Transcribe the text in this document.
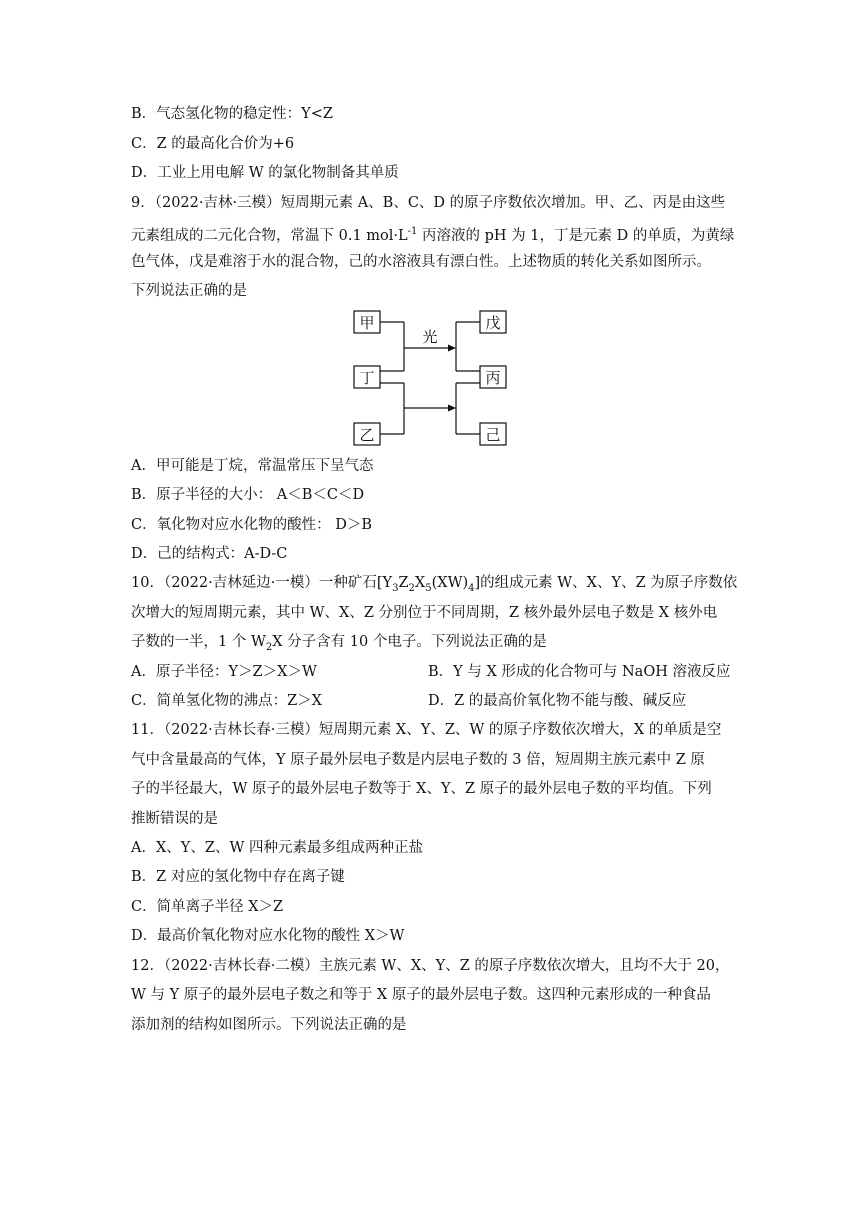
B．气态氢化物的稳定性：Y<Z
C．Z 的最高化合价为+6
D．工业上用电解 W 的氯化物制备其单质
9．（2022·吉林·三模）短周期元素 A、B、C、D 的原子序数依次增加。甲、乙、丙是由这些
元素组成的二元化合物，常温下 0.1 $mol\cdot L^{-1}$ 丙溶液的 pH 为 1，丁是元素 D 的单质，为黄绿
色气体，戊是难溶于水的混合物，己的水溶液具有漂白性。上述物质的转化关系如图所示。
下列说法正确的是
甲
丁
乙
戊
丙
己
光
A．甲可能是丁烷，常温常压下呈气态
B．原子半径的大小： A＜B＜C＜D
C．氧化物对应水化物的酸性： D＞B
D．己的结构式：A-D-C
10．（2022·吉林延边·一模）一种矿石$[Y_3Z_2X_5(XW)_4]$的组成元素 W、X、Y、Z 为原子序数依
次增大的短周期元素，其中 W、X、Z 分别位于不同周期，Z 核外最外层电子数是 X 核外电
子数的一半，1 个 $W_2X$ 分子含有 10 个电子。下列说法正确的是
A．原子半径：Y＞Z＞X＞W	B．Y 与 X 形成的化合物可与 NaOH 溶液反应
C．简单氢化物的沸点：Z＞X	D．Z 的最高价氧化物不能与酸、碱反应
11．（2022·吉林长春·三模）短周期元素 X、Y、Z、W 的原子序数依次增大，X 的单质是空
气中含量最高的气体，Y 原子最外层电子数是内层电子数的 3 倍，短周期主族元素中 Z 原
子的半径最大，W 原子的最外层电子数等于 X、Y、Z 原子的最外层电子数的平均值。下列
推断错误的是
A．X、Y、Z、W 四种元素最多组成两种正盐
B．Z 对应的氢化物中存在离子键
C．简单离子半径 X＞Z
D．最高价氧化物对应水化物的酸性 X＞W
12．（2022·吉林长春·二模）主族元素 W、X、Y、Z 的原子序数依次增大，且均不大于 20，
W 与 Y 原子的最外层电子数之和等于 X 原子的最外层电子数。这四种元素形成的一种食品
添加剂的结构如图所示。下列说法正确的是
